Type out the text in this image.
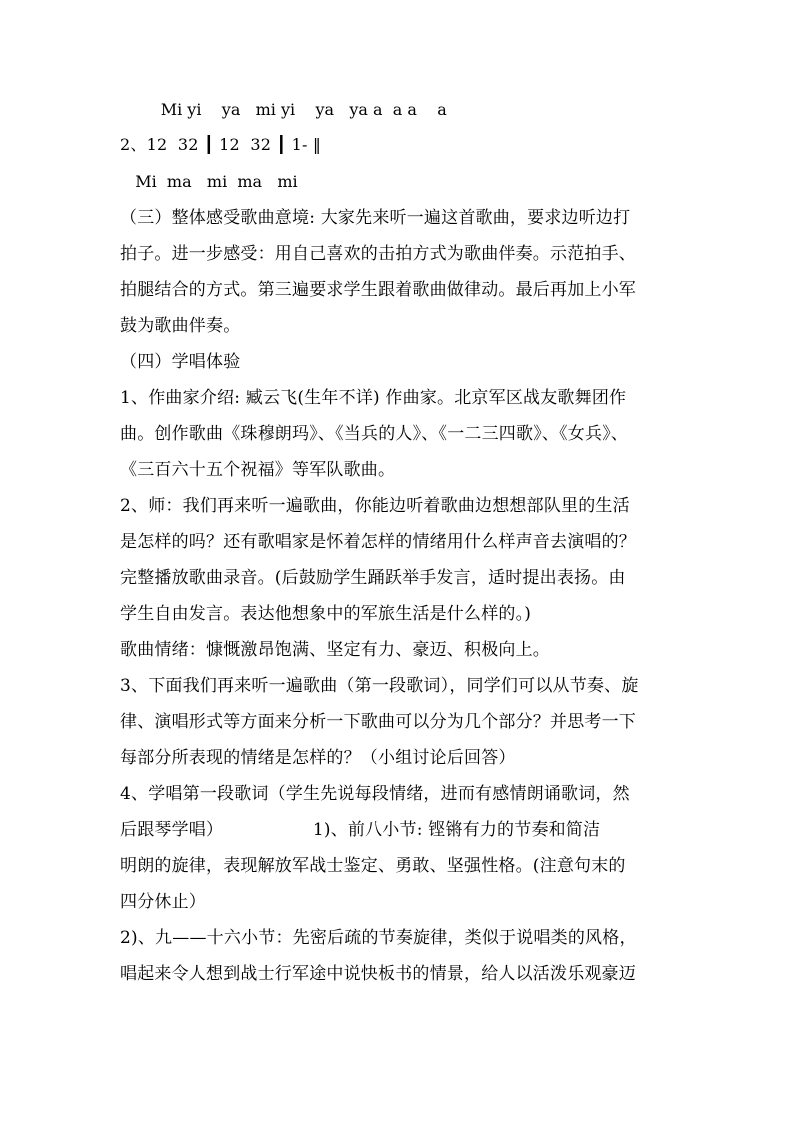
Mi yi    ya   mi yi    ya   ya a  a a    a
2、12  32 ┃ 12  32 ┃ 1- ‖
Mi  ma   mi  ma   mi
（三）整体感受歌曲意境: 大家先来听一遍这首歌曲，要求边听边打
拍子。进一步感受：用自己喜欢的击拍方式为歌曲伴奏。示范拍手、
拍腿结合的方式。第三遍要求学生跟着歌曲做律动。最后再加上小军
鼓为歌曲伴奏。
（四）学唱体验
1、作曲家介绍: 臧云飞(生年不详) 作曲家。北京军区战友歌舞团作
曲。创作歌曲《珠穆朗玛》、《当兵的人》、《一二三四歌》、《女兵》、
《三百六十五个祝福》等军队歌曲。
2、师：我们再来听一遍歌曲，你能边听着歌曲边想想部队里的生活
是怎样的吗？还有歌唱家是怀着怎样的情绪用什么样声音去演唱的？
完整播放歌曲录音。(后鼓励学生踊跃举手发言，适时提出表扬。由
学生自由发言。表达他想象中的军旅生活是什么样的。)
歌曲情绪：慷慨激昂饱满、坚定有力、豪迈、积极向上。
3、下面我们再来听一遍歌曲（第一段歌词），同学们可以从节奏、旋
律、演唱形式等方面来分析一下歌曲可以分为几个部分？并思考一下
每部分所表现的情绪是怎样的？（小组讨论后回答）
4、学唱第一段歌词（学生先说每段情绪，进而有感情朗诵歌词，然
后跟琴学唱）                1)、前八小节: 铿锵有力的节奏和简洁
明朗的旋律，表现解放军战士鉴定、勇敢、坚强性格。(注意句末的
四分休止）
2)、九——十六小节：先密后疏的节奏旋律，类似于说唱类的风格，
唱起来令人想到战士行军途中说快板书的情景，给人以活泼乐观豪迈
